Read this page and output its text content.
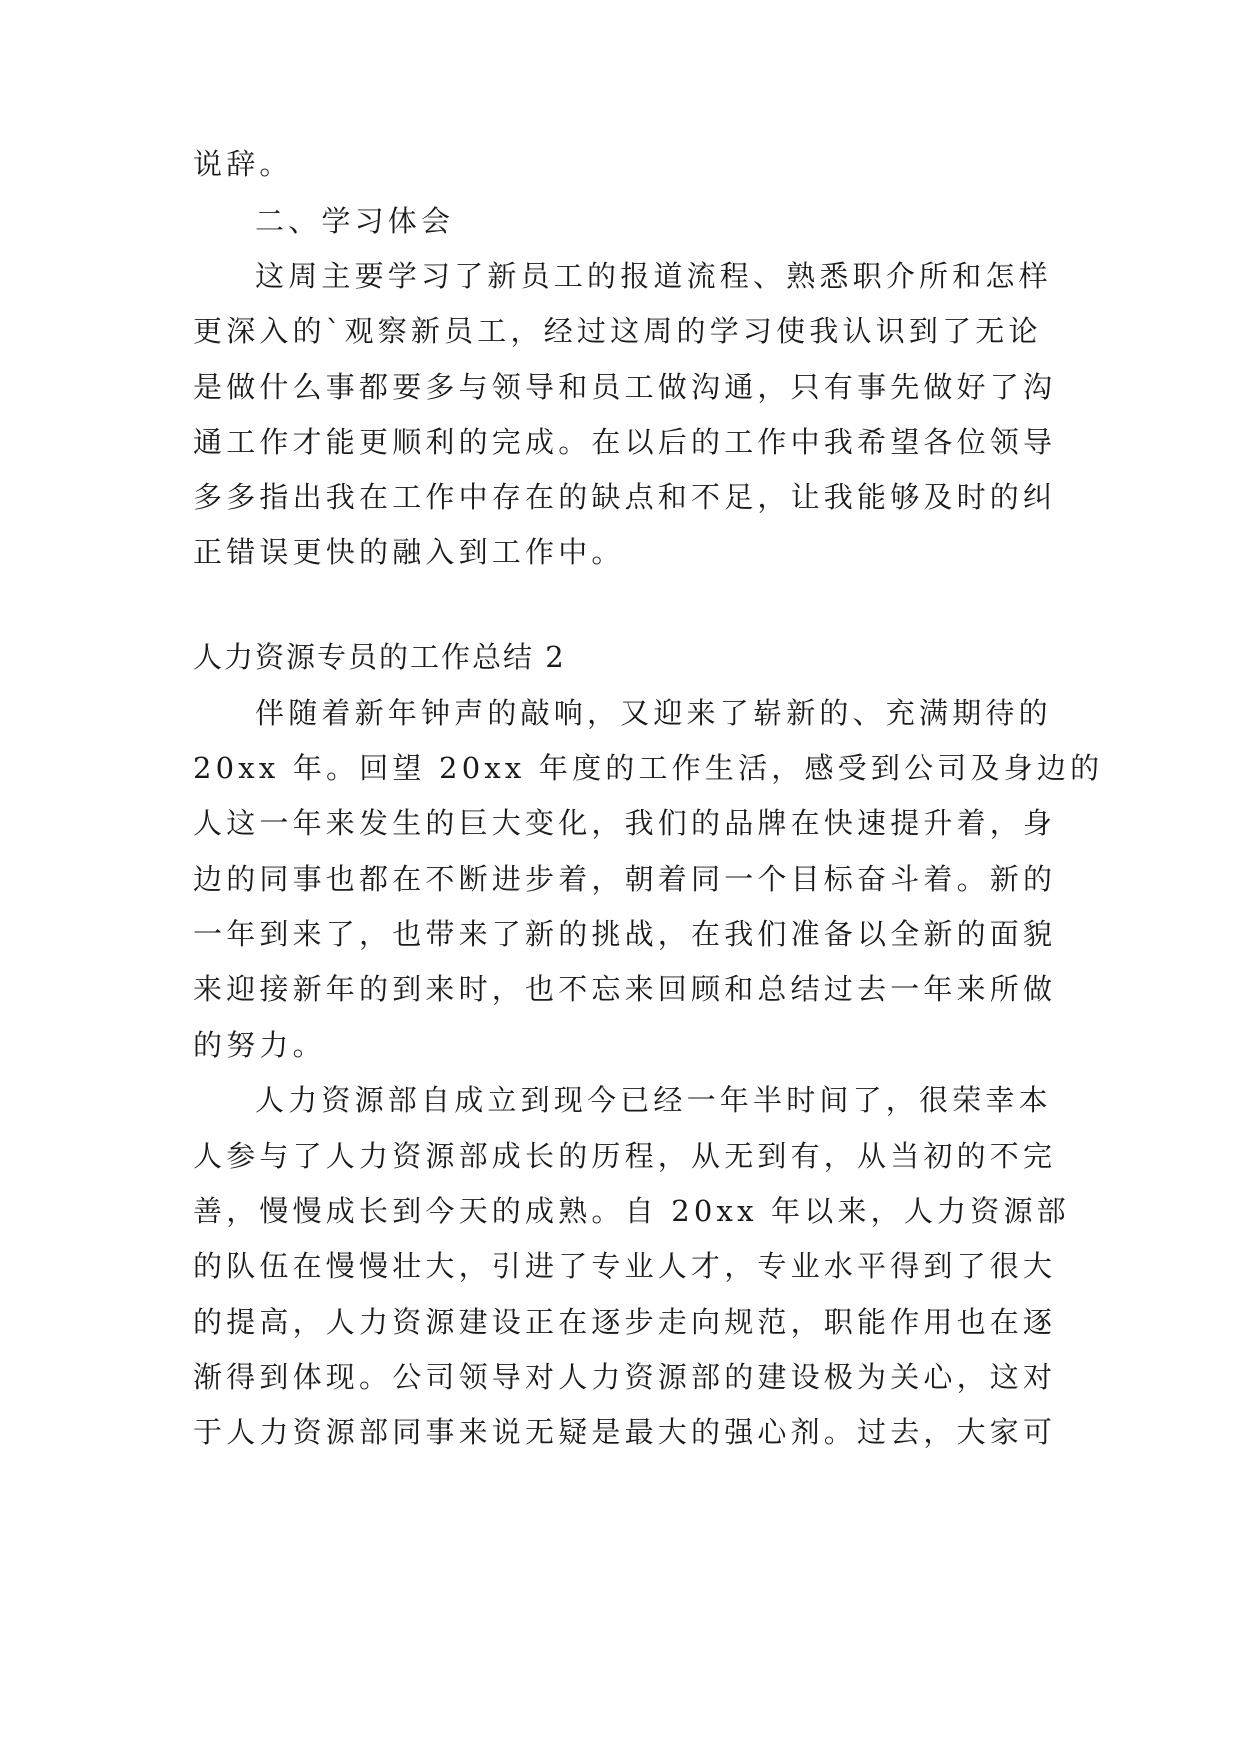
说辞。
二、学习体会
这周主要学习了新员工的报道流程、熟悉职介所和怎样
更深入的`观察新员工，经过这周的学习使我认识到了无论
是做什么事都要多与领导和员工做沟通，只有事先做好了沟
通工作才能更顺利的完成。在以后的工作中我希望各位领导
多多指出我在工作中存在的缺点和不足，让我能够及时的纠
正错误更快的融入到工作中。
人力资源专员的工作总结 2
伴随着新年钟声的敲响，又迎来了崭新的、充满期待的
20xx 年。回望 20xx 年度的工作生活，感受到公司及身边的
人这一年来发生的巨大变化，我们的品牌在快速提升着，身
边的同事也都在不断进步着，朝着同一个目标奋斗着。新的
一年到来了，也带来了新的挑战，在我们准备以全新的面貌
来迎接新年的到来时，也不忘来回顾和总结过去一年来所做
的努力。
人力资源部自成立到现今已经一年半时间了，很荣幸本
人参与了人力资源部成长的历程，从无到有，从当初的不完
善，慢慢成长到今天的成熟。自 20xx 年以来，人力资源部
的队伍在慢慢壮大，引进了专业人才，专业水平得到了很大
的提高，人力资源建设正在逐步走向规范，职能作用也在逐
渐得到体现。公司领导对人力资源部的建设极为关心，这对
于人力资源部同事来说无疑是最大的强心剂。过去，大家可
